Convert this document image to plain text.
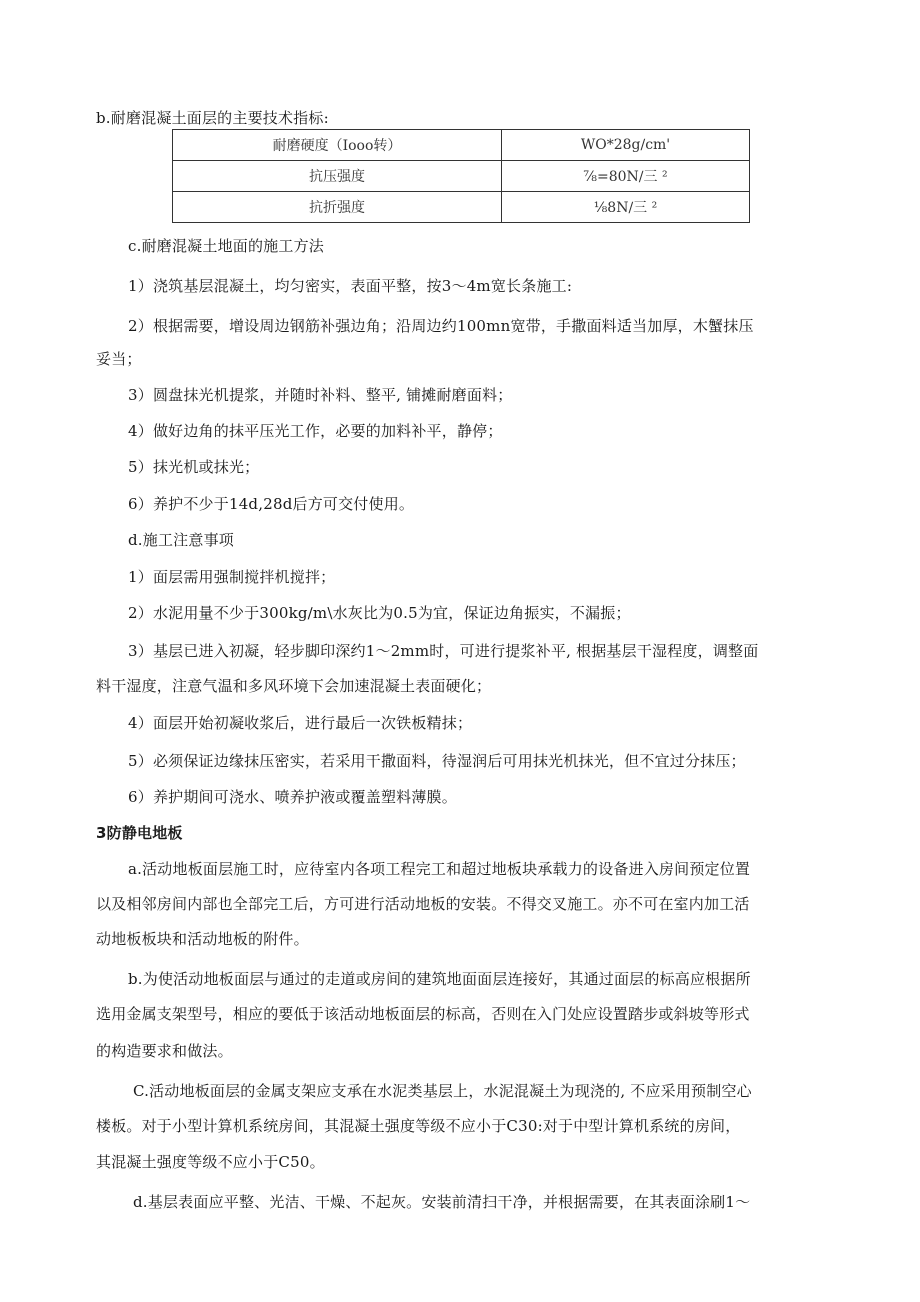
b.耐磨混凝土面层的主要技术指标:
耐磨硬度（Iooo转）	WO*28g∕cm'
抗压强度	⅞=80N∕三 ²
抗折强度	⅛8N∕三 ²
c.耐磨混凝土地面的施工方法
1）浇筑基层混凝土，均匀密实，表面平整，按3～4m宽长条施工:
2）根据需要，增设周边钢筋补强边角；沿周边约100mn宽带，手撒面料适当加厚，木蟹抹压
妥当；
3）圆盘抹光机提浆，并随时补料、整平, 铺摊耐磨面料；
4）做好边角的抹平压光工作，必要的加料补平，静停；
5）抹光机或抹光；
6）养护不少于14d,28d后方可交付使用。
d.施工注意事项
1）面层需用强制搅拌机搅拌；
2）水泥用量不少于300kg∕m\水灰比为0.5为宜，保证边角振实，不漏振；
3）基层已进入初凝，轻步脚印深约1～2mm时，可进行提浆补平, 根据基层干湿程度，调整面
料干湿度，注意气温和多风环境下会加速混凝土表面硬化；
4）面层开始初凝收浆后，进行最后一次铁板精抹；
5）必须保证边缘抹压密实，若采用干撒面料，待湿润后可用抹光机抹光，但不宜过分抹压；
6）养护期间可浇水、喷养护液或覆盖塑料薄膜。
3防静电地板
a.活动地板面层施工时，应待室内各项工程完工和超过地板块承载力的设备进入房间预定位置
以及相邻房间内部也全部完工后，方可进行活动地板的安装。不得交叉施工。亦不可在室内加工活
动地板板块和活动地板的附件。
b.为使活动地板面层与通过的走道或房间的建筑地面面层连接好，其通过面层的标高应根据所
选用金属支架型号，相应的要低于该活动地板面层的标高，否则在入门处应设置踏步或斜坡等形式
的构造要求和做法。
C.活动地板面层的金属支架应支承在水泥类基层上，水泥混凝土为现浇的, 不应采用预制空心
楼板。对于小型计算机系统房间，其混凝土强度等级不应小于C30:对于中型计算机系统的房间，
其混凝土强度等级不应小于C50。
d.基层表面应平整、光洁、干燥、不起灰。安装前清扫干净，并根据需要，在其表面涂刷1～
